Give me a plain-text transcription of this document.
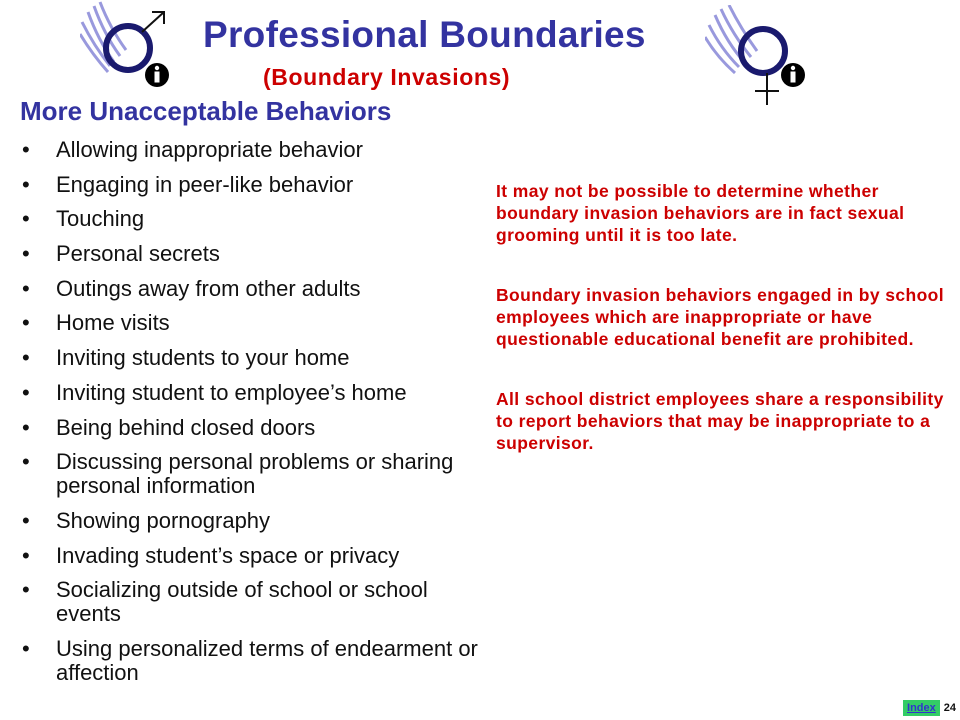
Professional Boundaries
(Boundary Invasions)
More Unacceptable Behaviors
• Allowing inappropriate behavior
• Engaging in peer-like behavior
• Touching
• Personal secrets
• Outings away from other adults
• Home visits
• Inviting students to your home
• Inviting student to employee’s home
• Being behind closed doors
• Discussing personal problems or sharing personal information
• Showing pornography
• Invading student’s space or privacy
• Socializing outside of school or school events
• Using personalized terms of endearment or affection

It may not be possible to determine whether boundary invasion behaviors are in fact sexual grooming until it is too late.

Boundary invasion behaviors engaged in by school employees which are inappropriate or have questionable educational benefit are prohibited.

All school district employees share a responsibility to report behaviors that may be inappropriate to a supervisor.

Index 24
